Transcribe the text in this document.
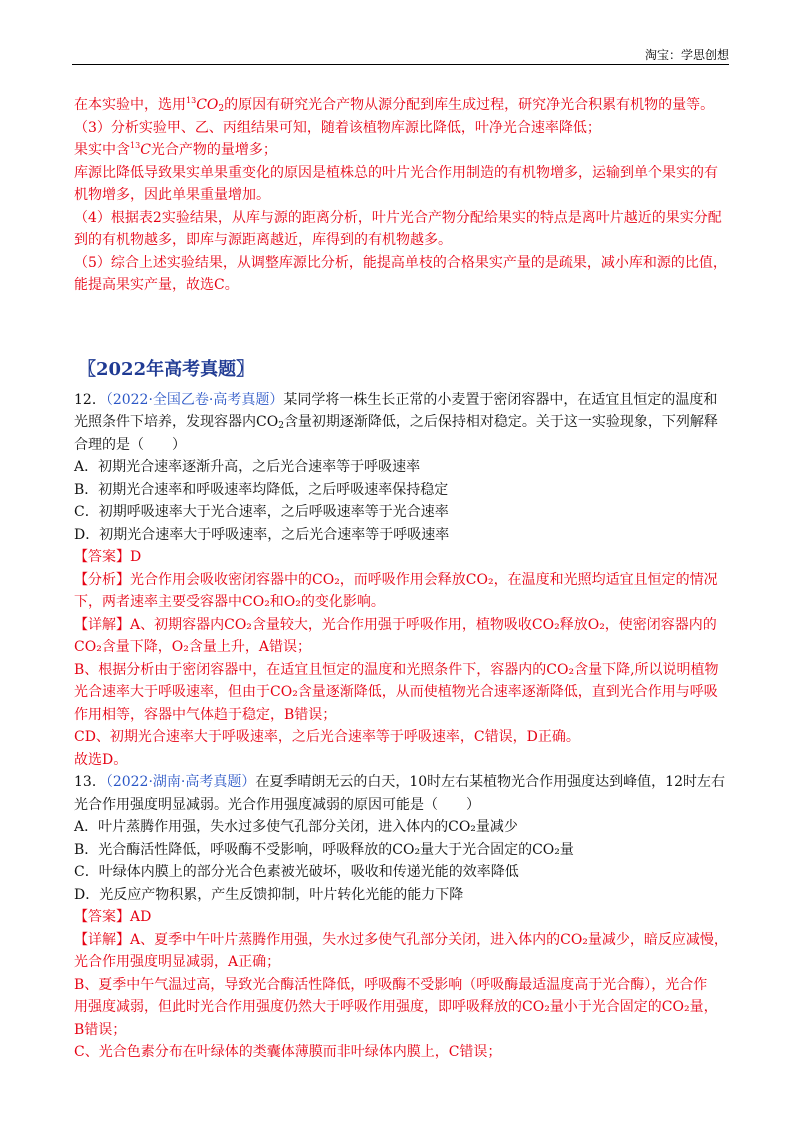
淘宝：学思创想
在本实验中，选用$^{13}CO_2$的原因有研究光合产物从源分配到库生成过程，研究净光合积累有机物的量等。
（3）分析实验甲、乙、丙组结果可知，随着该植物库源比降低，叶净光合速率降低；
果实中含$^{13}$C光合产物的量增多；
库源比降低导致果实单果重变化的原因是植株总的叶片光合作用制造的有机物增多，运输到单个果实的有
机物增多，因此单果重量增加。
（4）根据表2实验结果，从库与源的距离分析，叶片光合产物分配给果实的特点是离叶片越近的果实分配
到的有机物越多，即库与源距离越近，库得到的有机物越多。
（5）综合上述实验结果，从调整库源比分析，能提高单枝的合格果实产量的是疏果，减小库和源的比值，
能提高果实产量，故选C。
〖2022年高考真题〗
12．（2022·全国乙卷·高考真题）某同学将一株生长正常的小麦置于密闭容器中，在适宜且恒定的温度和
光照条件下培养，发现容器内$CO_2$含量初期逐渐降低，之后保持相对稳定。关于这一实验现象，下列解释
合理的是（　　）
A．初期光合速率逐渐升高，之后光合速率等于呼吸速率
B．初期光合速率和呼吸速率均降低，之后呼吸速率保持稳定
C．初期呼吸速率大于光合速率，之后呼吸速率等于光合速率
D．初期光合速率大于呼吸速率，之后光合速率等于呼吸速率
【答案】D
【分析】光合作用会吸收密闭容器中的CO₂，而呼吸作用会释放CO₂，在温度和光照均适宜且恒定的情况
下，两者速率主要受容器中CO₂和O₂的变化影响。
【详解】A、初期容器内CO₂含量较大，光合作用强于呼吸作用，植物吸收CO₂释放O₂，使密闭容器内的
CO₂含量下降，O₂含量上升，A错误；
B、根据分析由于密闭容器中，在适宜且恒定的温度和光照条件下，容器内的CO₂含量下降,所以说明植物
光合速率大于呼吸速率，但由于CO₂含量逐渐降低，从而使植物光合速率逐渐降低，直到光合作用与呼吸
作用相等，容器中气体趋于稳定，B错误；
CD、初期光合速率大于呼吸速率，之后光合速率等于呼吸速率，C错误，D正确。
故选D。
13．（2022·湖南·高考真题）在夏季晴朗无云的白天，10时左右某植物光合作用强度达到峰值，12时左右
光合作用强度明显减弱。光合作用强度减弱的原因可能是（　　）
A．叶片蒸腾作用强，失水过多使气孔部分关闭，进入体内的CO₂量减少
B．光合酶活性降低，呼吸酶不受影响，呼吸释放的CO₂量大于光合固定的CO₂量
C．叶绿体内膜上的部分光合色素被光破坏，吸收和传递光能的效率降低
D．光反应产物积累，产生反馈抑制，叶片转化光能的能力下降
【答案】AD
【详解】A、夏季中午叶片蒸腾作用强，失水过多使气孔部分关闭，进入体内的CO₂量减少，暗反应减慢，
光合作用强度明显减弱，A正确；
B、夏季中午气温过高，导致光合酶活性降低，呼吸酶不受影响（呼吸酶最适温度高于光合酶），光合作
用强度减弱，但此时光合作用强度仍然大于呼吸作用强度，即呼吸释放的CO₂量小于光合固定的CO₂量，
B错误；
C、光合色素分布在叶绿体的类囊体薄膜而非叶绿体内膜上，C错误；
